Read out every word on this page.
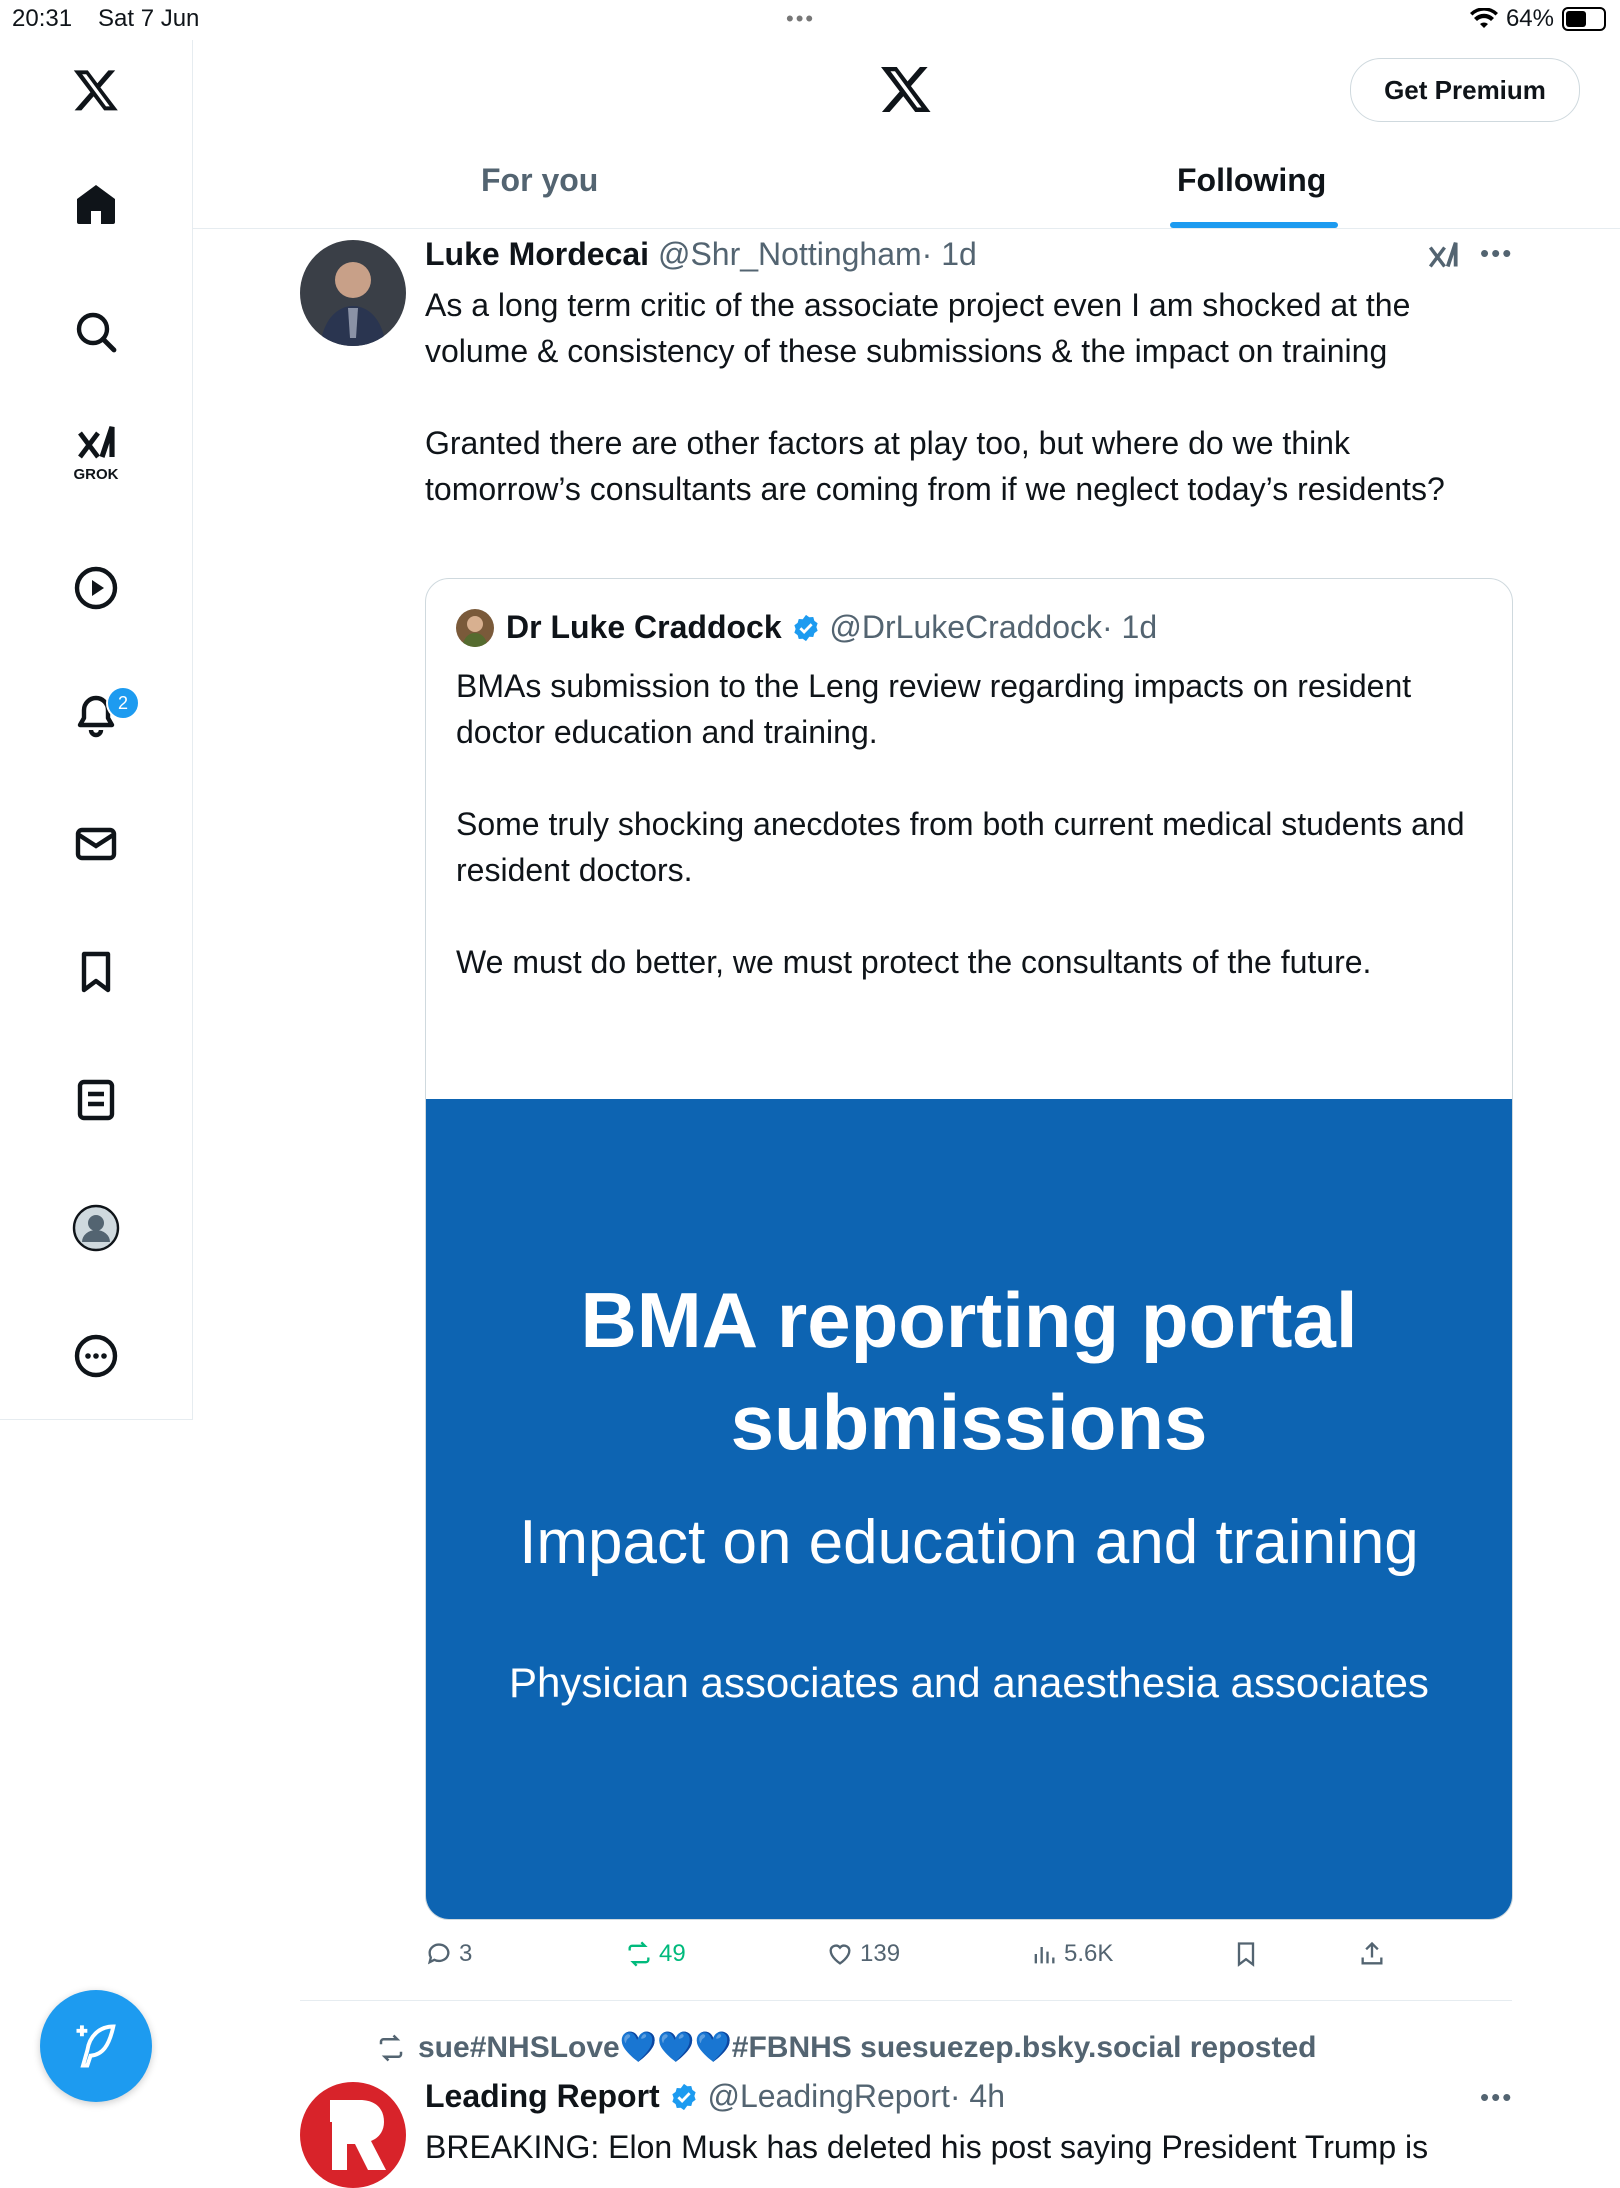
20:31 Sat 7 Jun	•••	64%
GROK
2
Get Premium
For you	Following
Luke Mordecai @Shr_Nottingham· 1d	•••
As a long term critic of the associate project even I am shocked at the volume & consistency of these submissions & the impact on training

Granted there are other factors at play too, but where do we think tomorrow’s consultants are coming from if we neglect today’s residents?
Dr Luke Craddock @DrLukeCraddock· 1d
BMAs submission to the Leng review regarding impacts on resident doctor education and training.

Some truly shocking anecdotes from both current medical students and resident doctors.

We must do better, we must protect the consultants of the future.
BMA reporting portal
submissions
Impact on education and training
Physician associates and anaesthesia associates
3	49	139	5.6K
sue#NHSLove💙💙💙#FBNHS suesuezep.bsky.social reposted
Leading Report @LeadingReport· 4h	•••
BREAKING: Elon Musk has deleted his post saying President Trump is
